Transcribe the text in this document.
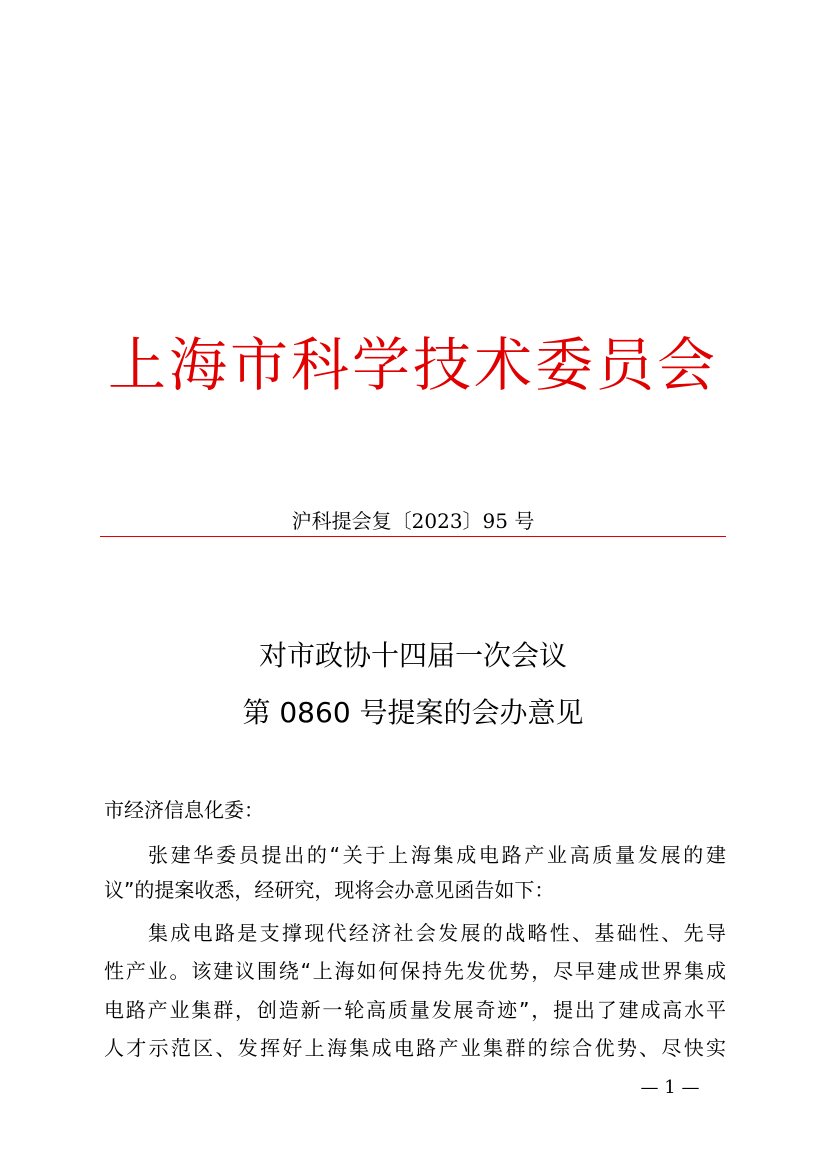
上海市科学技术委员会
沪科提会复〔2023〕95 号
对市政协十四届一次会议
第 0860 号提案的会办意见
市经济信息化委：
张建华委员提出的“关于上海集成电路产业高质量发展的建
议”的提案收悉，经研究，现将会办意见函告如下：
集成电路是支撑现代经济社会发展的战略性、基础性、先导
性产业。该建议围绕“上海如何保持先发优势，尽早建成世界集成
电路产业集群，创造新一轮高质量发展奇迹”，提出了建成高水平
人才示范区、发挥好上海集成电路产业集群的综合优势、尽快实
— 1 —
